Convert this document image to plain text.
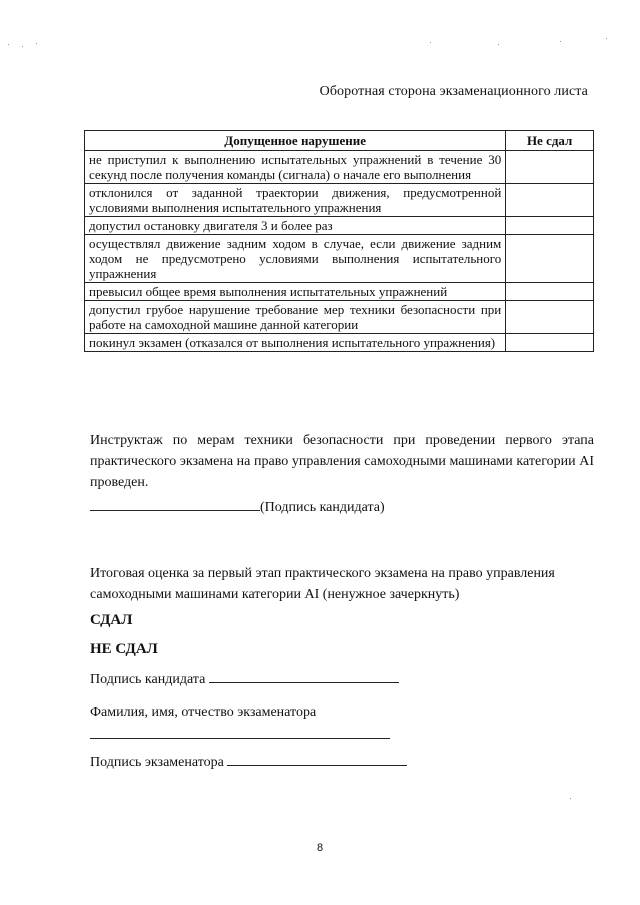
Оборотная сторона экзаменационного листа
Допущенное нарушение	Не сдал
не приступил к выполнению испытательных упражнений в течение 30 секунд после получения команды (сигнала) о начале его выполнения	
отклонился от заданной траектории движения, предусмотренной условиями выполнения испытательного упражнения	
допустил остановку двигателя 3 и более раз	
осуществлял движение задним ходом в случае, если движение задним ходом не предусмотрено условиями выполнения испытательного упражнения	
превысил общее время выполнения испытательных упражнений	
допустил грубое нарушение требование мер техники безопасности при работе на самоходной машине данной категории	
покинул экзамен (отказался от выполнения испытательного упражнения)	
Инструктаж по мерам техники безопасности при проведении первого этапа практического экзамена на право управления самоходными машинами категории AI проведен.
(Подпись кандидата)
Итоговая оценка за первый этап практического экзамена на право управления самоходными машинами категории AI (ненужное зачеркнуть)
СДАЛ
НЕ СДАЛ
Подпись кандидата
Фамилия, имя, отчество экзаменатора
Подпись экзаменатора
8
